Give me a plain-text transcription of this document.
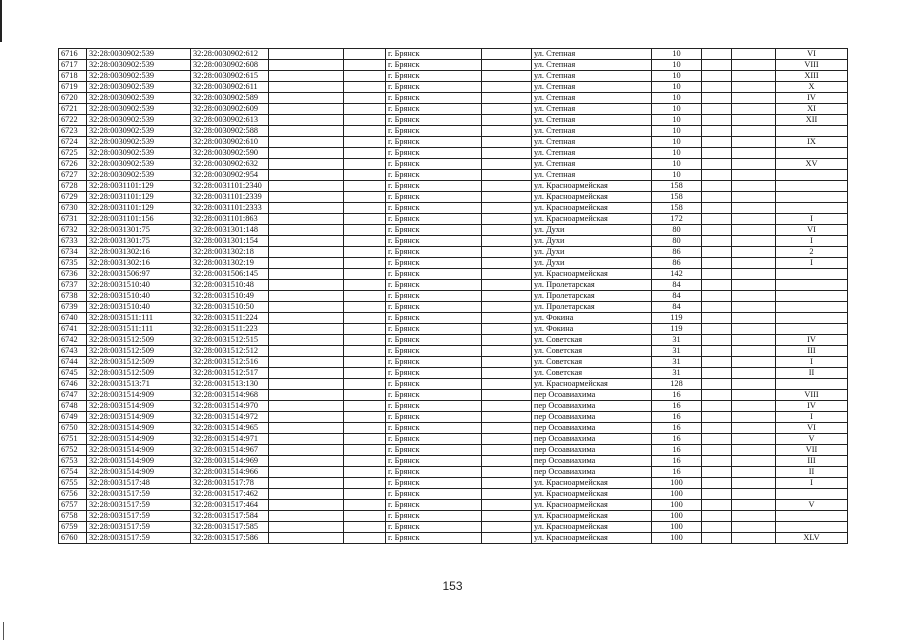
6716	32:28:0030902:539	32:28:0030902:612			г. Брянск		ул. Степная	10			VI
6717	32:28:0030902:539	32:28:0030902:608			г. Брянск		ул. Степная	10			VIII
6718	32:28:0030902:539	32:28:0030902:615			г. Брянск		ул. Степная	10			XIII
6719	32:28:0030902:539	32:28:0030902:611			г. Брянск		ул. Степная	10			X
6720	32:28:0030902:539	32:28:0030902:589			г. Брянск		ул. Степная	10			IV
6721	32:28:0030902:539	32:28:0030902:609			г. Брянск		ул. Степная	10			XI
6722	32:28:0030902:539	32:28:0030902:613			г. Брянск		ул. Степная	10			XII
6723	32:28:0030902:539	32:28:0030902:588			г. Брянск		ул. Степная	10			
6724	32:28:0030902:539	32:28:0030902:610			г. Брянск		ул. Степная	10			IX
6725	32:28:0030902:539	32:28:0030902:590			г. Брянск		ул. Степная	10			
6726	32:28:0030902:539	32:28:0030902:632			г. Брянск		ул. Степная	10			XV
6727	32:28:0030902:539	32:28:0030902:954			г. Брянск		ул. Степная	10			
6728	32:28:0031101:129	32:28:0031101:2340			г. Брянск		ул. Красноармейская	158			
6729	32:28:0031101:129	32:28:0031101:2339			г. Брянск		ул. Красноармейская	158			
6730	32:28:0031101:129	32:28:0031101:2333			г. Брянск		ул. Красноармейская	158			
6731	32:28:0031101:156	32:28:0031101:863			г. Брянск		ул. Красноармейская	172			I
6732	32:28:0031301:75	32:28:0031301:148			г. Брянск		ул. Духи	80			VI
6733	32:28:0031301:75	32:28:0031301:154			г. Брянск		ул. Духи	80			I
6734	32:28:0031302:16	32:28:0031302:18			г. Брянск		ул. Духи	86			2
6735	32:28:0031302:16	32:28:0031302:19			г. Брянск		ул. Духи	86			I
6736	32:28:0031506:97	32:28:0031506:145			г. Брянск		ул. Красноармейская	142			
6737	32:28:0031510:40	32:28:0031510:48			г. Брянск		ул. Пролетарская	84			
6738	32:28:0031510:40	32:28:0031510:49			г. Брянск		ул. Пролетарская	84			
6739	32:28:0031510:40	32:28:0031510:50			г. Брянск		ул. Пролетарская	84			
6740	32:28:0031511:111	32:28:0031511:224			г. Брянск		ул. Фокина	119			
6741	32:28:0031511:111	32:28:0031511:223			г. Брянск		ул. Фокина	119			
6742	32:28:0031512:509	32:28:0031512:515			г. Брянск		ул. Советская	31			IV
6743	32:28:0031512:509	32:28:0031512:512			г. Брянск		ул. Советская	31			III
6744	32:28:0031512:509	32:28:0031512:516			г. Брянск		ул. Советская	31			I
6745	32:28:0031512:509	32:28:0031512:517			г. Брянск		ул. Советская	31			II
6746	32:28:0031513:71	32:28:0031513:130			г. Брянск		ул. Красноармейская	128			
6747	32:28:0031514:909	32:28:0031514:968			г. Брянск		пер Осоавиахима	16			VIII
6748	32:28:0031514:909	32:28:0031514:970			г. Брянск		пер Осоавиахима	16			IV
6749	32:28:0031514:909	32:28:0031514:972			г. Брянск		пер Осоавиахима	16			I
6750	32:28:0031514:909	32:28:0031514:965			г. Брянск		пер Осоавиахима	16			VI
6751	32:28:0031514:909	32:28:0031514:971			г. Брянск		пер Осоавиахима	16			V
6752	32:28:0031514:909	32:28:0031514:967			г. Брянск		пер Осоавиахима	16			VII
6753	32:28:0031514:909	32:28:0031514:969			г. Брянск		пер Осоавиахима	16			III
6754	32:28:0031514:909	32:28:0031514:966			г. Брянск		пер Осоавиахима	16			II
6755	32:28:0031517:48	32:28:0031517:78			г. Брянск		ул. Красноармейская	100			I
6756	32:28:0031517:59	32:28:0031517:462			г. Брянск		ул. Красноармейская	100			
6757	32:28:0031517:59	32:28:0031517:464			г. Брянск		ул. Красноармейская	100			V
6758	32:28:0031517:59	32:28:0031517:584			г. Брянск		ул. Красноармейская	100			
6759	32:28:0031517:59	32:28:0031517:585			г. Брянск		ул. Красноармейская	100			
6760	32:28:0031517:59	32:28:0031517:586			г. Брянск		ул. Красноармейская	100			XLV
153
